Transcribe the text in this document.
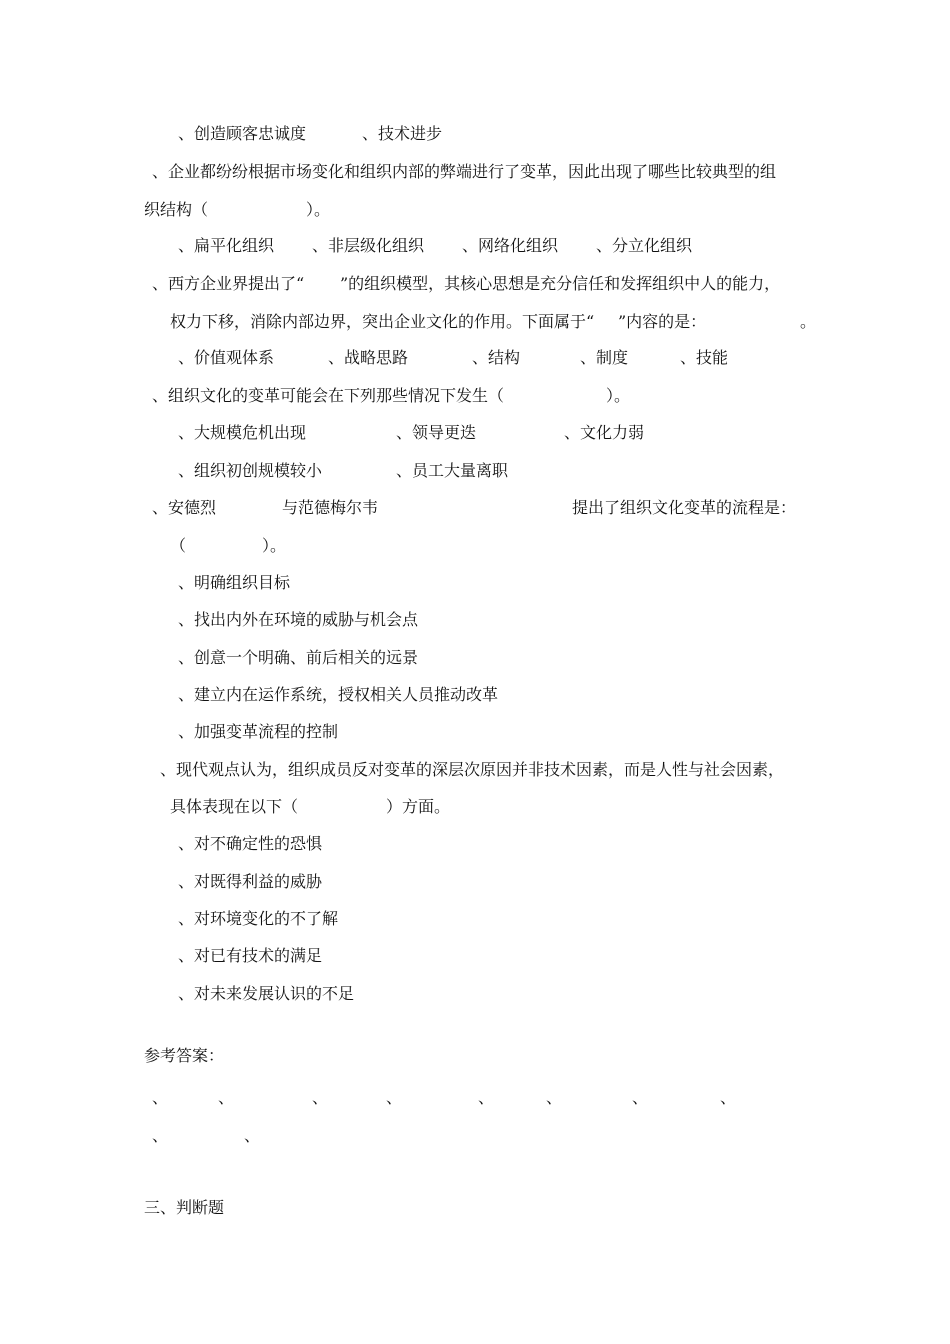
、创造顾客忠诚度	、技术进步
、企业都纷纷根据市场变化和组织内部的弊端进行了变革，因此出现了哪些比较典型的组
织结构（	）。
、扁平化组织 、非层级化组织 、网络化组织 、分立化组织
、西方企业界提出了“ ”的组织模型，其核心思想是充分信任和发挥组织中人的能力，
权力下移，消除内部边界，突出企业文化的作用。下面属于“ ”内容的是：	。
、价值观体系	、战略思路	、结构	、制度	、技能
、组织文化的变革可能会在下列那些情况下发生（	）。
、大规模危机出现	、领导更迭	、文化力弱
、组织初创规模较小	、员工大量离职
、安德烈	与范德梅尔韦	提出了组织文化变革的流程是：
（	）。
、明确组织目标
、找出内外在环境的威胁与机会点
、创意一个明确、前后相关的远景
、建立内在运作系统，授权相关人员推动改革
、加强变革流程的控制
、现代观点认为，组织成员反对变革的深层次原因并非技术因素，而是人性与社会因素，
具体表现在以下（	）方面。
、对不确定性的恐惧
、对既得利益的威胁
、对环境变化的不了解
、对已有技术的满足
、对未来发展认识的不足
参考答案：
、	、	、	、	、	、	、	、
、	、
三、判断题
